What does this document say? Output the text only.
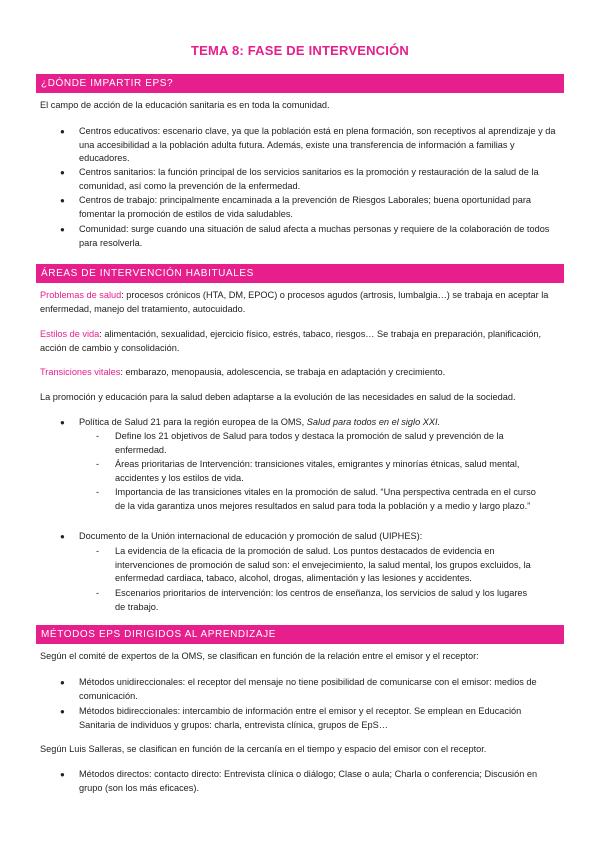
TEMA 8: FASE DE INTERVENCIÓN
¿DÓNDE IMPARTIR EPS?

El campo de acción de la educación sanitaria es en toda la comunidad.

● Centros educativos: escenario clave, ya que la población está en plena formación, son receptivos al aprendizaje y da una accesibilidad a la población adulta futura. Además, existe una transferencia de información a familias y educadores.
● Centros sanitarios: la función principal de los servicios sanitarios es la promoción y restauración de la salud de la comunidad, así como la prevención de la enfermedad.
● Centros de trabajo: principalmente encaminada a la prevención de Riesgos Laborales; buena oportunidad para fomentar la promoción de estilos de vida saludables.
● Comunidad: surge cuando una situación de salud afecta a muchas personas y requiere de la colaboración de todos para resolverla.
ÁREAS DE INTERVENCIÓN HABITUALES

Problemas de salud: procesos crónicos (HTA, DM, EPOC) o procesos agudos (artrosis, lumbalgia…) se trabaja en aceptar la enfermedad, manejo del tratamiento, autocuidado.

Estilos de vida: alimentación, sexualidad, ejercicio físico, estrés, tabaco, riesgos… Se trabaja en preparación, planificación, acción de cambio y consolidación.

Transiciones vitales: embarazo, menopausia, adolescencia, se trabaja en adaptación y crecimiento.

La promoción y educación para la salud deben adaptarse a la evolución de las necesidades en salud de la sociedad.

● Política de Salud 21 para la región europea de la OMS, Salud para todos en el siglo XXI.
- Define los 21 objetivos de Salud para todos y destaca la promoción de salud y prevención de la enfermedad.
- Áreas prioritarias de Intervención: transiciones vitales, emigrantes y minorías étnicas, salud mental, accidentes y los estilos de vida.
- Importancia de las transiciones vitales en la promoción de salud. “Una perspectiva centrada en el curso de la vida garantiza unos mejores resultados en salud para toda la población y a medio y largo plazo.”
● Documento de la Unión internacional de educación y promoción de salud (UIPHES):
- La evidencia de la eficacia de la promoción de salud. Los puntos destacados de evidencia en intervenciones de promoción de salud son: el envejecimiento, la salud mental, los grupos excluidos, la enfermedad cardiaca, tabaco, alcohol, drogas, alimentación y las lesiones y accidentes.
- Escenarios prioritarios de intervención: los centros de enseñanza, los servicios de salud y los lugares de trabajo.
MÉTODOS EPS DIRIGIDOS AL APRENDIZAJE

Según el comité de expertos de la OMS, se clasifican en función de la relación entre el emisor y el receptor:

● Métodos unidireccionales: el receptor del mensaje no tiene posibilidad de comunicarse con el emisor: medios de comunicación.
● Métodos bidireccionales: intercambio de información entre el emisor y el receptor. Se emplean en Educación Sanitaria de individuos y grupos: charla, entrevista clínica, grupos de EpS…

Según Luis Salleras, se clasifican en función de la cercanía en el tiempo y espacio del emisor con el receptor.

● Métodos directos: contacto directo: Entrevista clínica o diálogo; Clase o aula; Charla o conferencia; Discusión en grupo (son los más eficaces).
